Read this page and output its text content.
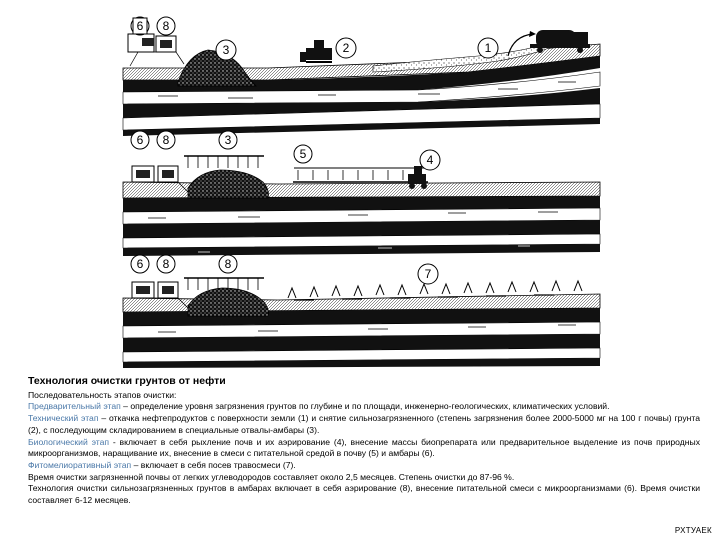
6 8
3	2	1
6 8	3
5	4
6 8	8
7

Технология очистки грунтов от нефти

Последовательность этапов очистки:

Предварительный этап – определение уровня загрязнения грунтов по глубине и по площади, инженерно-геологических, климатических условий.

Технический этап – откачка нефтепродуктов с поверхности земли (1) и снятие сильнозагрязненного (степень загрязнения более 2000-5000 мг на 100 г почвы) грунта (2), с последующим складированием в специальные отвалы-амбары (3).

Биологический этап - включает в себя рыхление почв и их аэрирование (4), внесение массы биопрепарата или предварительное выделение из почв природных микроорганизмов, наращивание их, внесение в смеси с питательной средой в почву (5) и амбары (6).

Фитомелиоративный этап – включает в себя посев травосмеси (7).

Время очистки загрязненной почвы от легких углеводородов составляет около 2,5 месяцев. Степень очистки до 87-96 %.

Технология очистки сильнозагрязненных грунтов в амбарах включает в себя аэрирование (8), внесение питательной смеси с микроорганизмами (6). Время очистки составляет 6-12 месяцев.

РХТУАЕК
